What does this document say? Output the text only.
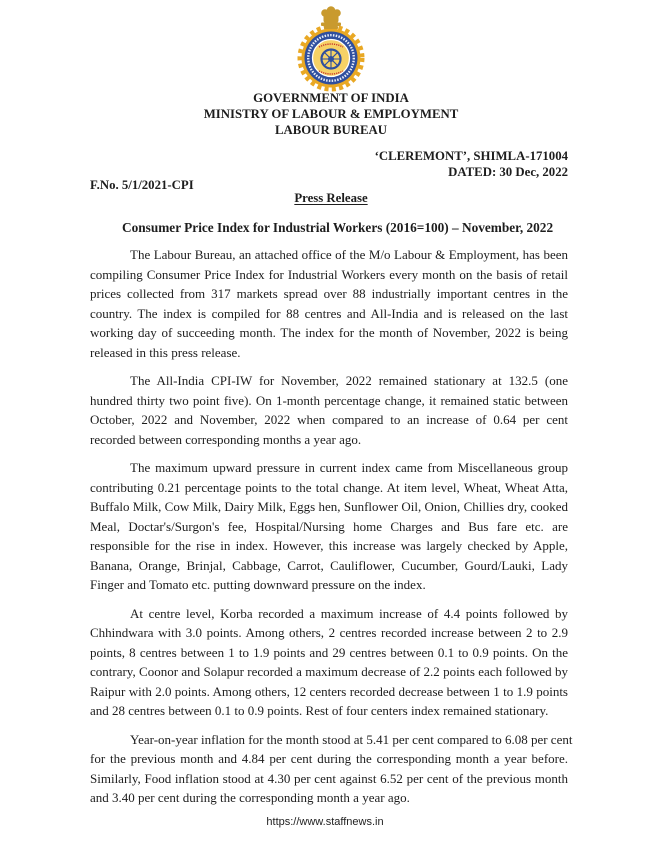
GOVERNMENT OF INDIA
MINISTRY OF LABOUR & EMPLOYMENT
LABOUR BUREAU
‘CLEREMONT’, SHIMLA-171004
DATED: 30 Dec, 2022
F.No. 5/1/2021-CPI
Press Release
Consumer Price Index for Industrial Workers (2016=100) – November, 2022
The Labour Bureau, an attached office of the M/o Labour & Employment, has been
compiling Consumer Price Index for Industrial Workers every month on the basis of retail
prices collected from 317 markets spread over 88 industrially important centres in the
country. The index is compiled for 88 centres and All-India and is released on the last
working day of succeeding month. The index for the month of November, 2022 is being
released in this press release.
The All-India CPI-IW for November, 2022 remained stationary at 132.5 (one
hundred thirty two point five). On 1-month percentage change, it remained static between
October, 2022 and November, 2022 when compared to an increase of 0.64 per cent
recorded between corresponding months a year ago.
The maximum upward pressure in current index came from Miscellaneous group
contributing 0.21 percentage points to the total change. At item level, Wheat, Wheat Atta,
Buffalo Milk, Cow Milk, Dairy Milk, Eggs hen, Sunflower Oil, Onion, Chillies dry, cooked
Meal, Doctar's/Surgon's fee, Hospital/Nursing home Charges and Bus fare etc. are
responsible for the rise in index. However, this increase was largely checked by Apple,
Banana, Orange, Brinjal, Cabbage, Carrot, Cauliflower, Cucumber, Gourd/Lauki, Lady
Finger and Tomato etc. putting downward pressure on the index.
At centre level, Korba recorded a maximum increase of 4.4 points followed by
Chhindwara with 3.0 points. Among others, 2 centres recorded increase between 2 to 2.9
points, 8 centres between 1 to 1.9 points and 29 centres between 0.1 to 0.9 points. On the
contrary, Coonor and Solapur recorded a maximum decrease of 2.2 points each followed by
Raipur with 2.0 points. Among others, 12 centers recorded decrease between 1 to 1.9 points
and 28 centres between 0.1 to 0.9 points. Rest of four centers index remained stationary.
Year-on-year inflation for the month stood at 5.41 per cent compared to 6.08 per cent
for the previous month and 4.84 per cent during the corresponding month a year before.
Similarly, Food inflation stood at 4.30 per cent against 6.52 per cent of the previous month
and 3.40 per cent during the corresponding month a year ago.
https://www.staffnews.in
